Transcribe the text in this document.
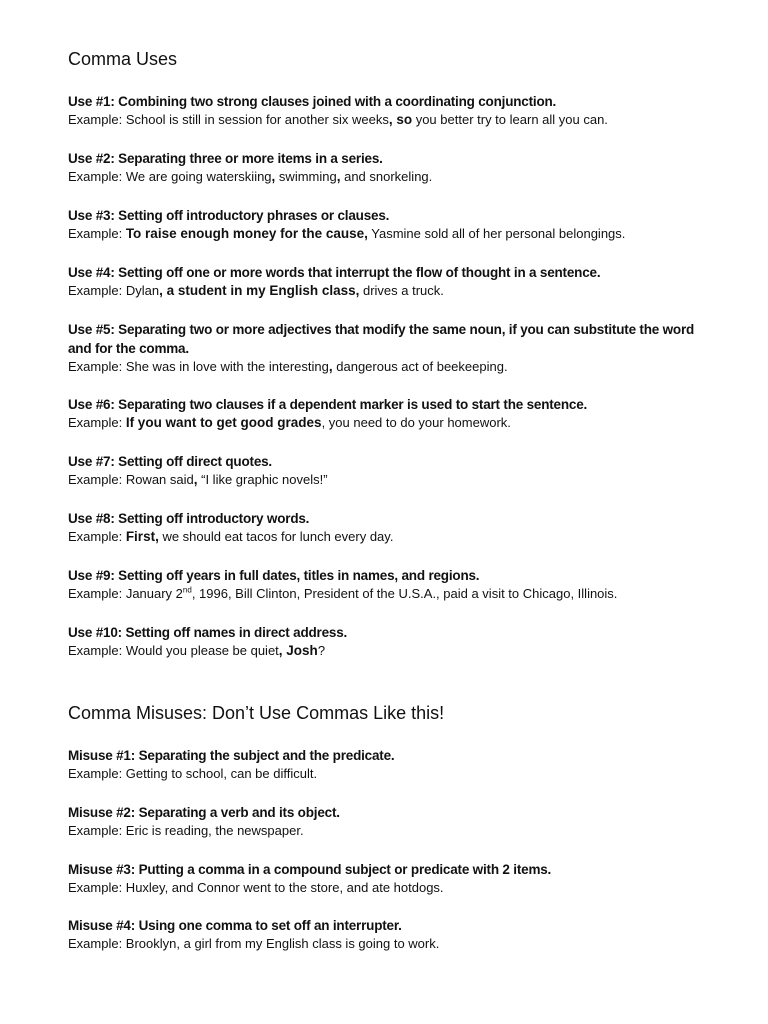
Comma Uses
Use #1: Combining two strong clauses joined with a coordinating conjunction.
Example: School is still in session for another six weeks, so you better try to learn all you can.
Use #2: Separating three or more items in a series.
Example: We are going waterskiing, swimming, and snorkeling.
Use #3: Setting off introductory phrases or clauses.
Example: To raise enough money for the cause, Yasmine sold all of her personal belongings.
Use #4: Setting off one or more words that interrupt the flow of thought in a sentence.
Example: Dylan, a student in my English class, drives a truck.
Use #5: Separating two or more adjectives that modify the same noun, if you can substitute the word and for the comma.
Example: She was in love with the interesting, dangerous act of beekeeping.
Use #6: Separating two clauses if a dependent marker is used to start the sentence.
Example: If you want to get good grades, you need to do your homework.
Use #7: Setting off direct quotes.
Example: Rowan said, “I like graphic novels!”
Use #8: Setting off introductory words.
Example: First, we should eat tacos for lunch every day.
Use #9: Setting off years in full dates, titles in names, and regions.
Example: January 2nd, 1996, Bill Clinton, President of the U.S.A., paid a visit to Chicago, Illinois.
Use #10: Setting off names in direct address.
Example: Would you please be quiet, Josh?
Comma Misuses: Don’t Use Commas Like this!
Misuse #1: Separating the subject and the predicate.
Example: Getting to school, can be difficult.
Misuse #2: Separating a verb and its object.
Example: Eric is reading, the newspaper.
Misuse #3: Putting a comma in a compound subject or predicate with 2 items.
Example: Huxley, and Connor went to the store, and ate hotdogs.
Misuse #4: Using one comma to set off an interrupter.
Example: Brooklyn, a girl from my English class is going to work.
